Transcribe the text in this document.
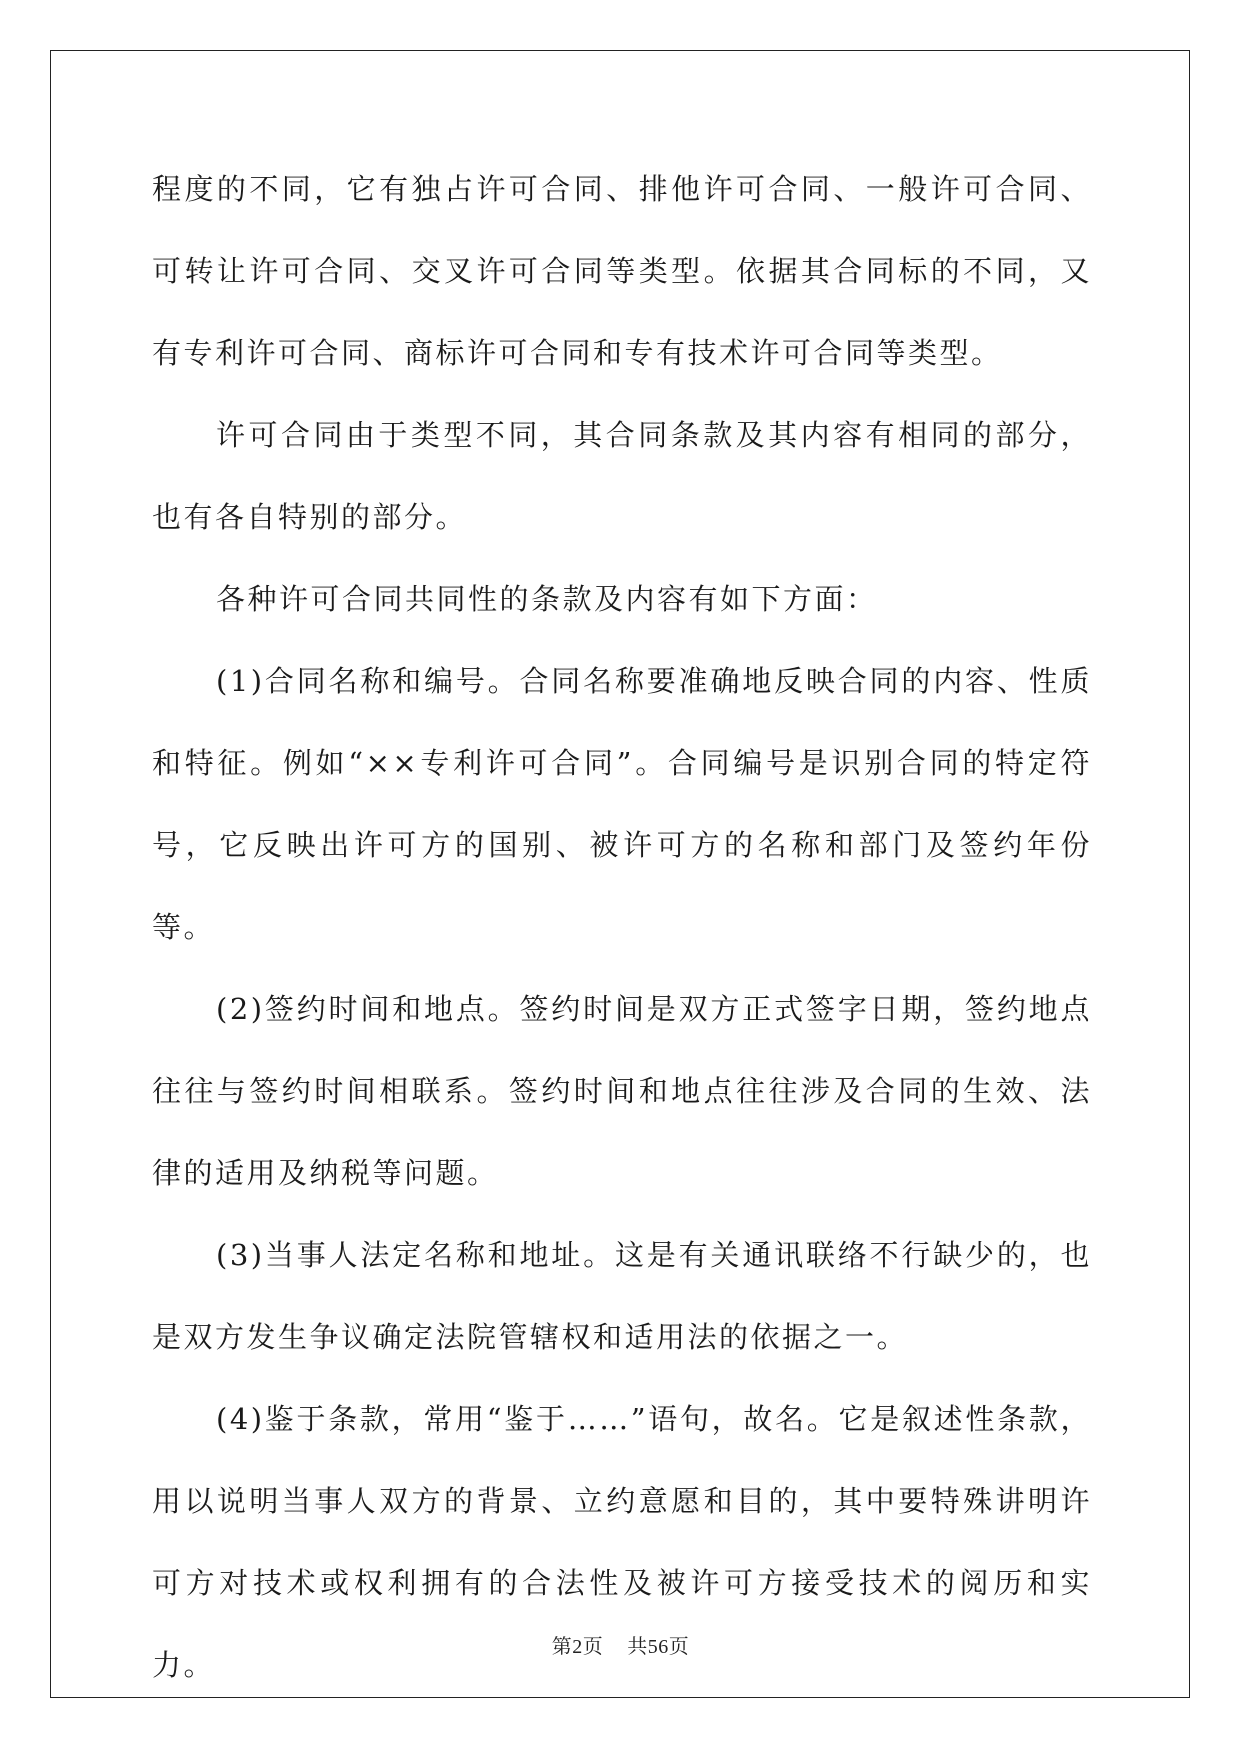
程度的不同，它有独占许可合同、排他许可合同、一般许可合同、可转让许可合同、交叉许可合同等类型。依据其合同标的不同，又有专利许可合同、商标许可合同和专有技术许可合同等类型。

许可合同由于类型不同，其合同条款及其内容有相同的部分，也有各自特别的部分。

各种许可合同共同性的条款及内容有如下方面：

(1)合同名称和编号。合同名称要准确地反映合同的内容、性质和特征。例如“××专利许可合同”。合同编号是识别合同的特定符号，它反映出许可方的国别、被许可方的名称和部门及签约年份等。

(2)签约时间和地点。签约时间是双方正式签字日期，签约地点往往与签约时间相联系。签约时间和地点往往涉及合同的生效、法律的适用及纳税等问题。

(3)当事人法定名称和地址。这是有关通讯联络不行缺少的，也是双方发生争议确定法院管辖权和适用法的依据之一。

(4)鉴于条款，常用“鉴于……”语句，故名。它是叙述性条款，用以说明当事人双方的背景、立约意愿和目的，其中要特殊讲明许可方对技术或权利拥有的合法性及被许可方接受技术的阅历和实力。

第2页 共56页
